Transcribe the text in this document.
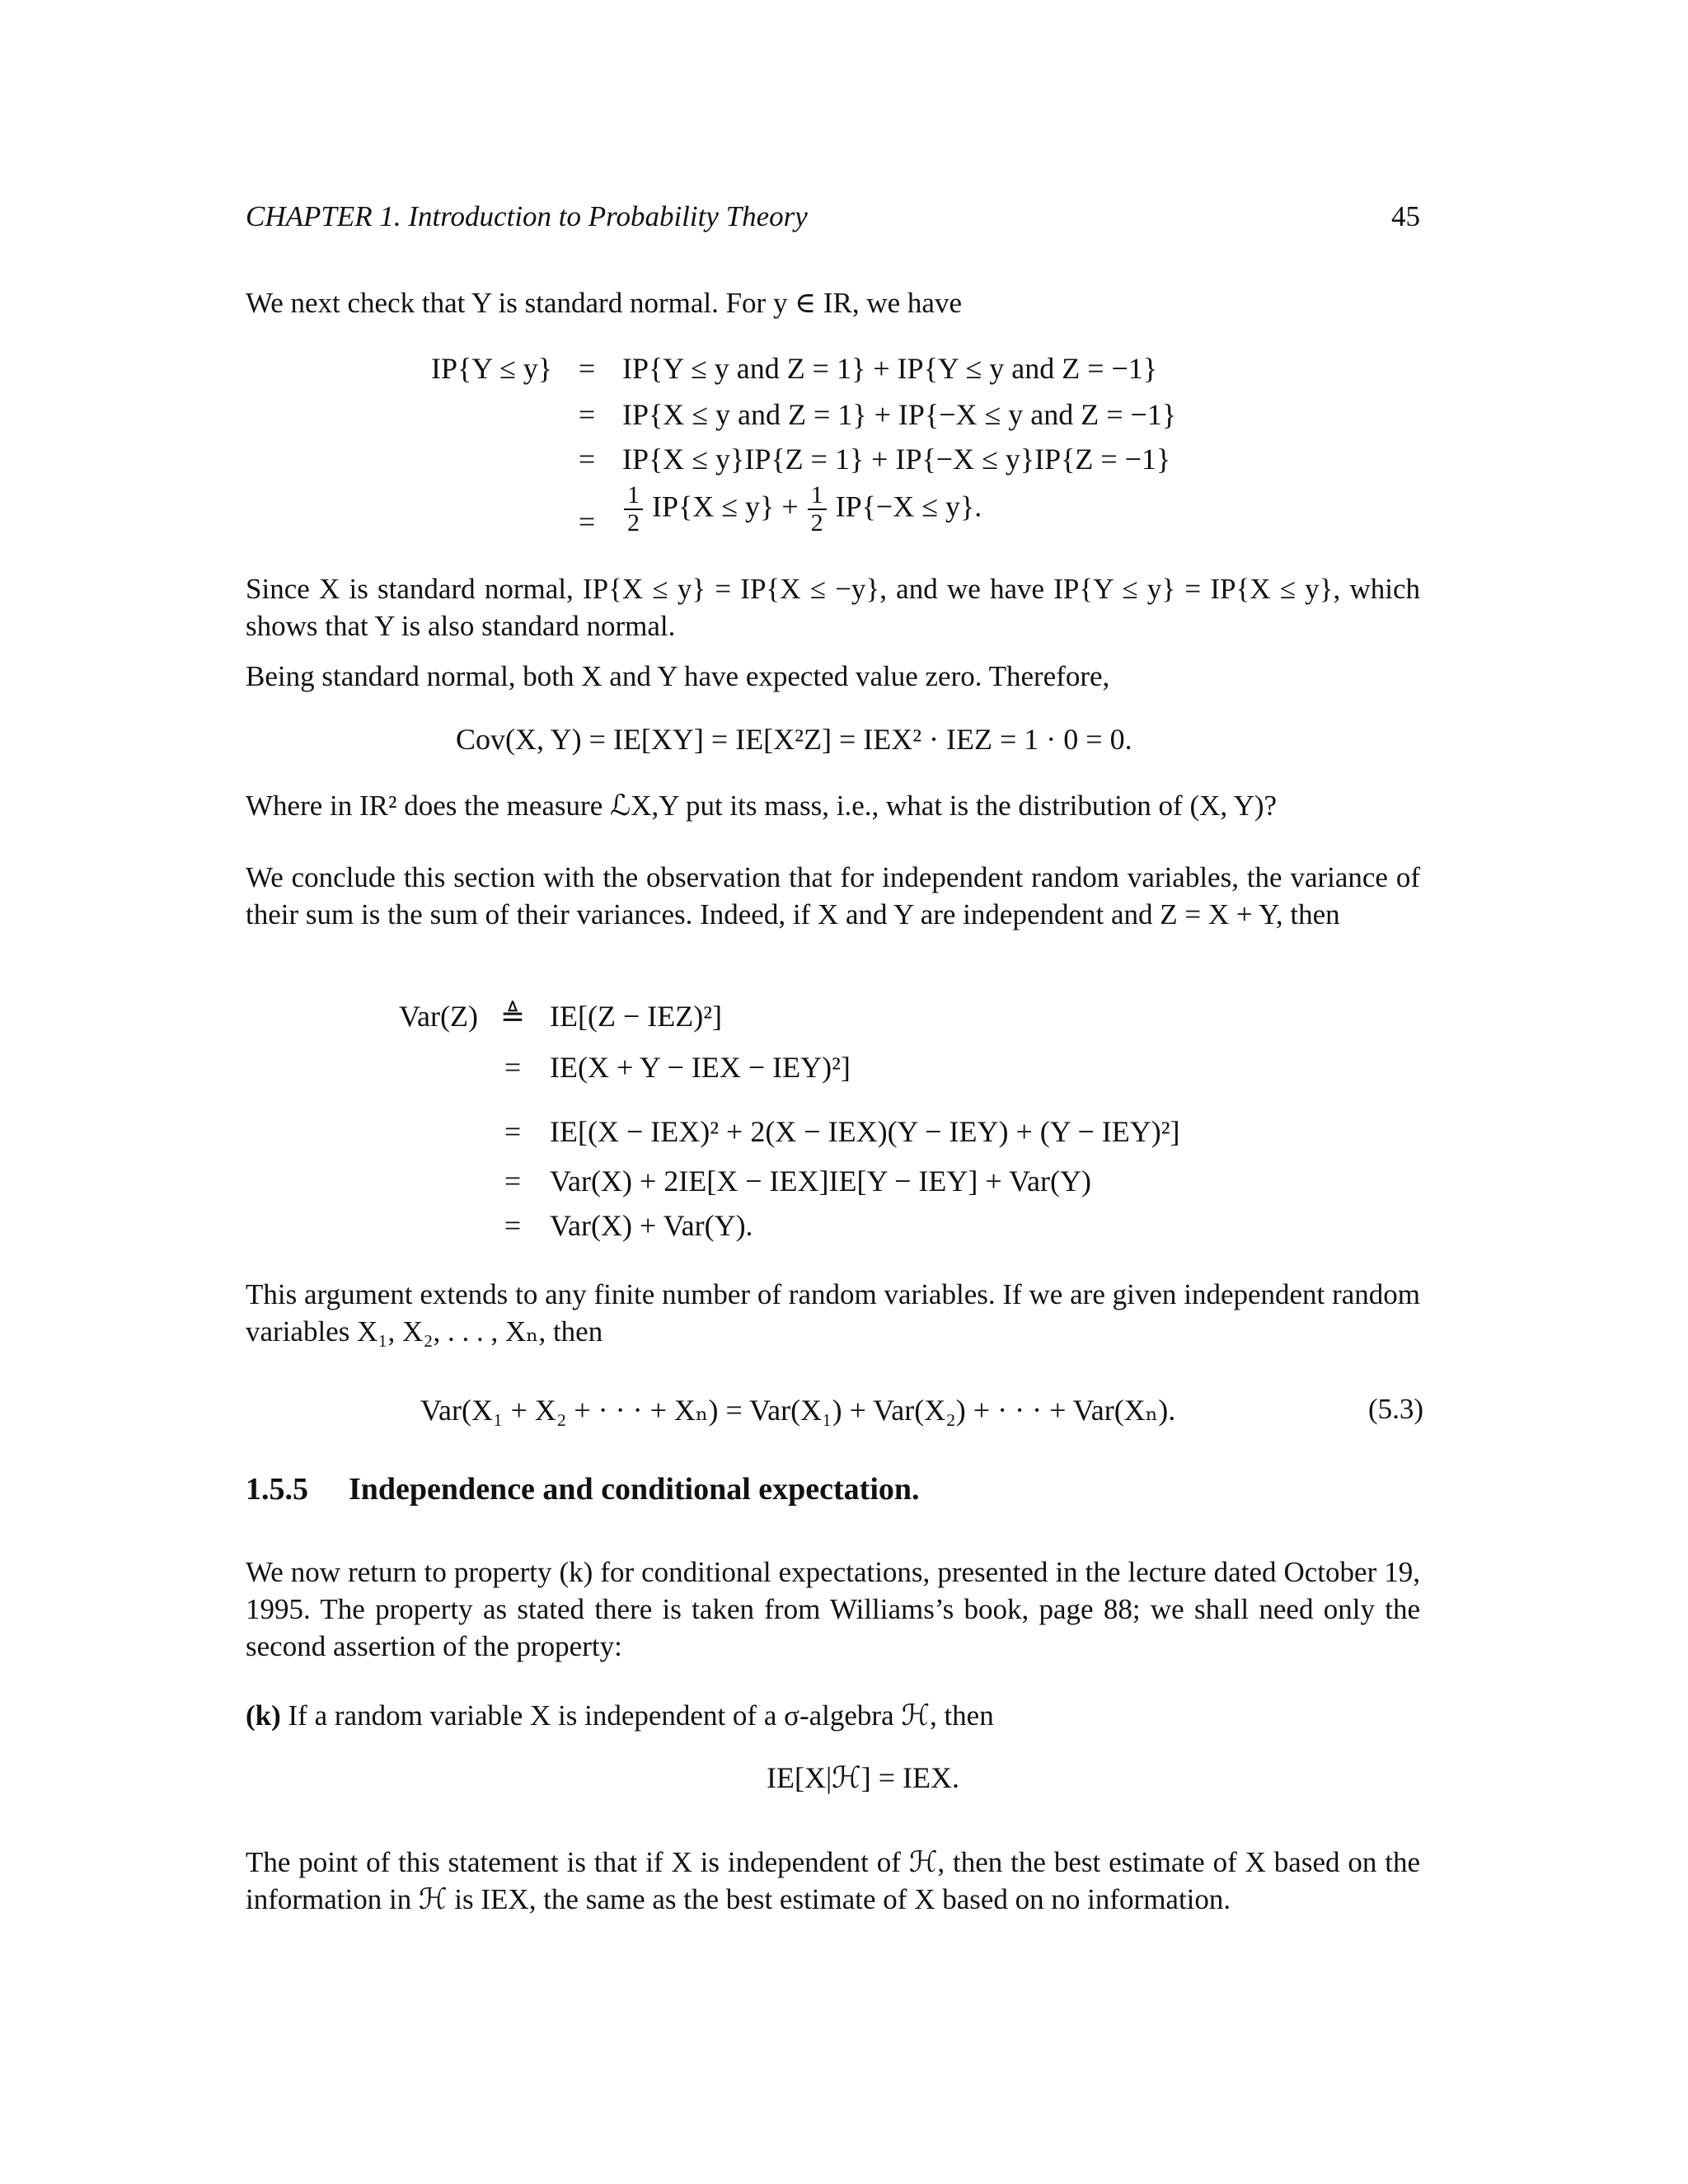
CHAPTER 1. Introduction to Probability Theory	45
We next check that Y is standard normal. For y ∈ IR, we have
IP{Y ≤ y} = IP{Y ≤ y and Z = 1} + IP{Y ≤ y and Z = −1}
= IP{X ≤ y and Z = 1} + IP{−X ≤ y and Z = −1}
= IP{X ≤ y}IP{Z = 1} + IP{−X ≤ y}IP{Z = −1}
=	$\frac{1}{2} IP\{X \le y\} + \frac{1}{2} IP\{-X \le y\}$.
Since X is standard normal, IP{X ≤ y} = IP{X ≤ −y}, and we have IP{Y ≤ y} = IP{X ≤ y}, which shows that Y is also standard normal.
Being standard normal, both X and Y have expected value zero. Therefore,
Cov(X, Y) = IE[XY] = IE[X²Z] = IEX² · IEZ = 1 · 0 = 0.
Where in IR² does the measure ℒX,Y put its mass, i.e., what is the distribution of (X, Y)?
We conclude this section with the observation that for independent random variables, the variance of their sum is the sum of their variances. Indeed, if X and Y are independent and Z = X + Y, then
Var(Z) ≜ IE[(Z − IEZ)²]
= IE(X + Y − IEX − IEY)²]
= IE[(X − IEX)² + 2(X − IEX)(Y − IEY) + (Y − IEY)²]
= Var(X) + 2IE[X − IEX]IE[Y − IEY] + Var(Y)
= Var(X) + Var(Y).
This argument extends to any finite number of random variables. If we are given independent random variables X₁, X₂, . . . , Xₙ, then
Var(X₁ + X₂ + · · · + Xₙ) = Var(X₁) + Var(X₂) + · · · + Var(Xₙ).	(5.3)
1.5.5 Independence and conditional expectation.
We now return to property (k) for conditional expectations, presented in the lecture dated October 19, 1995. The property as stated there is taken from Williams’s book, page 88; we shall need only the second assertion of the property:
(k) If a random variable X is independent of a σ-algebra ℋ, then
IE[X|ℋ] = IEX.
The point of this statement is that if X is independent of ℋ, then the best estimate of X based on the information in ℋ is IEX, the same as the best estimate of X based on no information.
